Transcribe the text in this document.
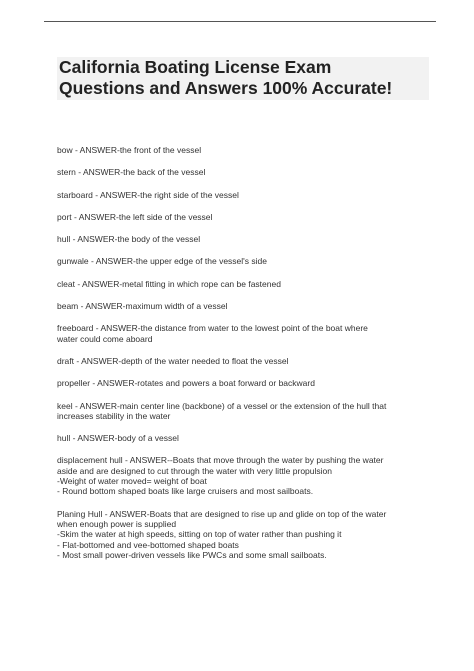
California Boating License Exam
Questions and Answers 100% Accurate!
bow - ANSWER-the front of the vessel
stern - ANSWER-the back of the vessel
starboard - ANSWER-the right side of the vessel
port - ANSWER-the left side of the vessel
hull - ANSWER-the body of the vessel
gunwale - ANSWER-the upper edge of the vessel's side
cleat - ANSWER-metal fitting in which rope can be fastened
beam - ANSWER-maximum width of a vessel
freeboard - ANSWER-the distance from water to the lowest point of the boat where
water could come aboard
draft - ANSWER-depth of the water needed to float the vessel
propeller - ANSWER-rotates and powers a boat forward or backward
keel - ANSWER-main center line (backbone) of a vessel or the extension of the hull that
increases stability in the water
hull - ANSWER-body of a vessel
displacement hull - ANSWER--Boats that move through the water by pushing the water
aside and are designed to cut through the water with very little propulsion
-Weight of water moved= weight of boat
- Round bottom shaped boats like large cruisers and most sailboats.
Planing Hull - ANSWER-Boats that are designed to rise up and glide on top of the water
when enough power is supplied
-Skim the water at high speeds, sitting on top of water rather than pushing it
- Flat-bottomed and vee-bottomed shaped boats
- Most small power-driven vessels like PWCs and some small sailboats.
